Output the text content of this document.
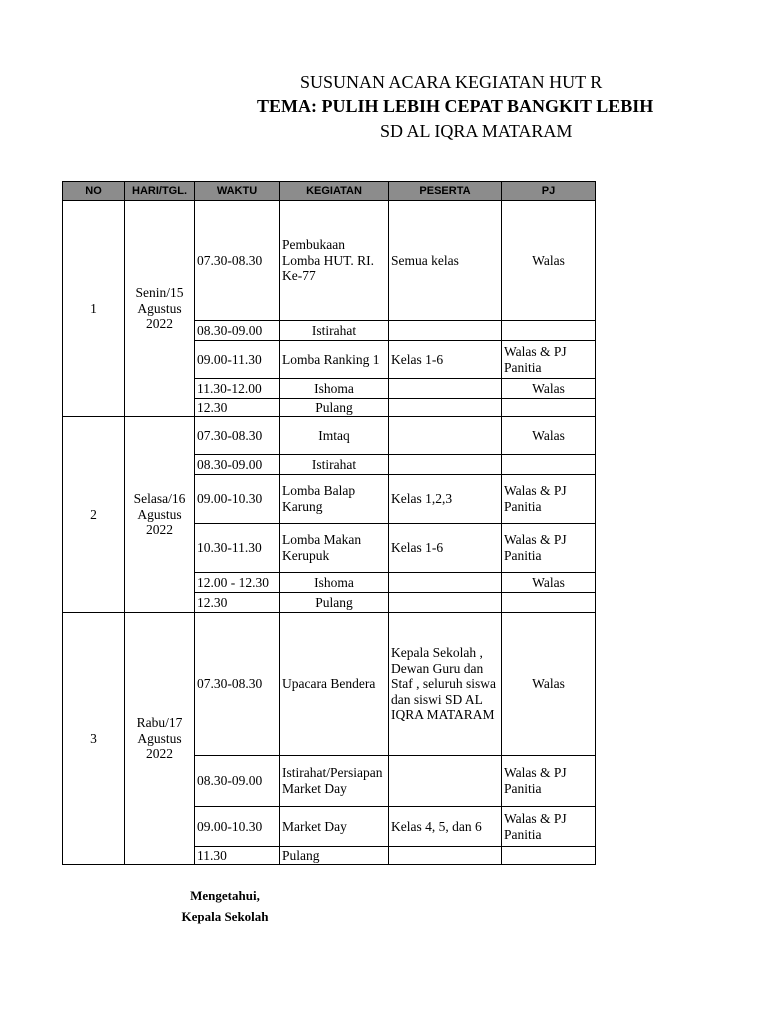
SUSUNAN ACARA KEGIATAN HUT R
TEMA: PULIH LEBIH CEPAT BANGKIT LEBIH
SD AL IQRA MATARAM
NO	HARI/TGL.	WAKTU	KEGIATAN	PESERTA	PJ
1	Senin/15 Agustus 2022	07.30-08.30	Pembukaan Lomba HUT. RI. Ke-77	Semua kelas	Walas
		08.30-09.00	Istirahat		
		09.00-11.30	Lomba Ranking 1	Kelas 1-6	Walas & PJ Panitia
		11.30-12.00	Ishoma		Walas
		12.30	Pulang		
2	Selasa/16 Agustus 2022	07.30-08.30	Imtaq		Walas
		08.30-09.00	Istirahat		
		09.00-10.30	Lomba Balap Karung	Kelas 1,2,3	Walas & PJ Panitia
		10.30-11.30	Lomba Makan Kerupuk	Kelas 1-6	Walas & PJ Panitia
		12.00 - 12.30	Ishoma		Walas
		12.30	Pulang		
3	Rabu/17 Agustus 2022	07.30-08.30	Upacara Bendera	Kepala Sekolah , Dewan Guru dan Staf , seluruh siswa dan siswi SD AL IQRA MATARAM	Walas
		08.30-09.00	Istirahat/Persiapan Market Day		Walas & PJ Panitia
		09.00-10.30	Market Day	Kelas 4, 5, dan 6	Walas & PJ Panitia
		11.30	Pulang		
Mengetahui,
Kepala Sekolah
